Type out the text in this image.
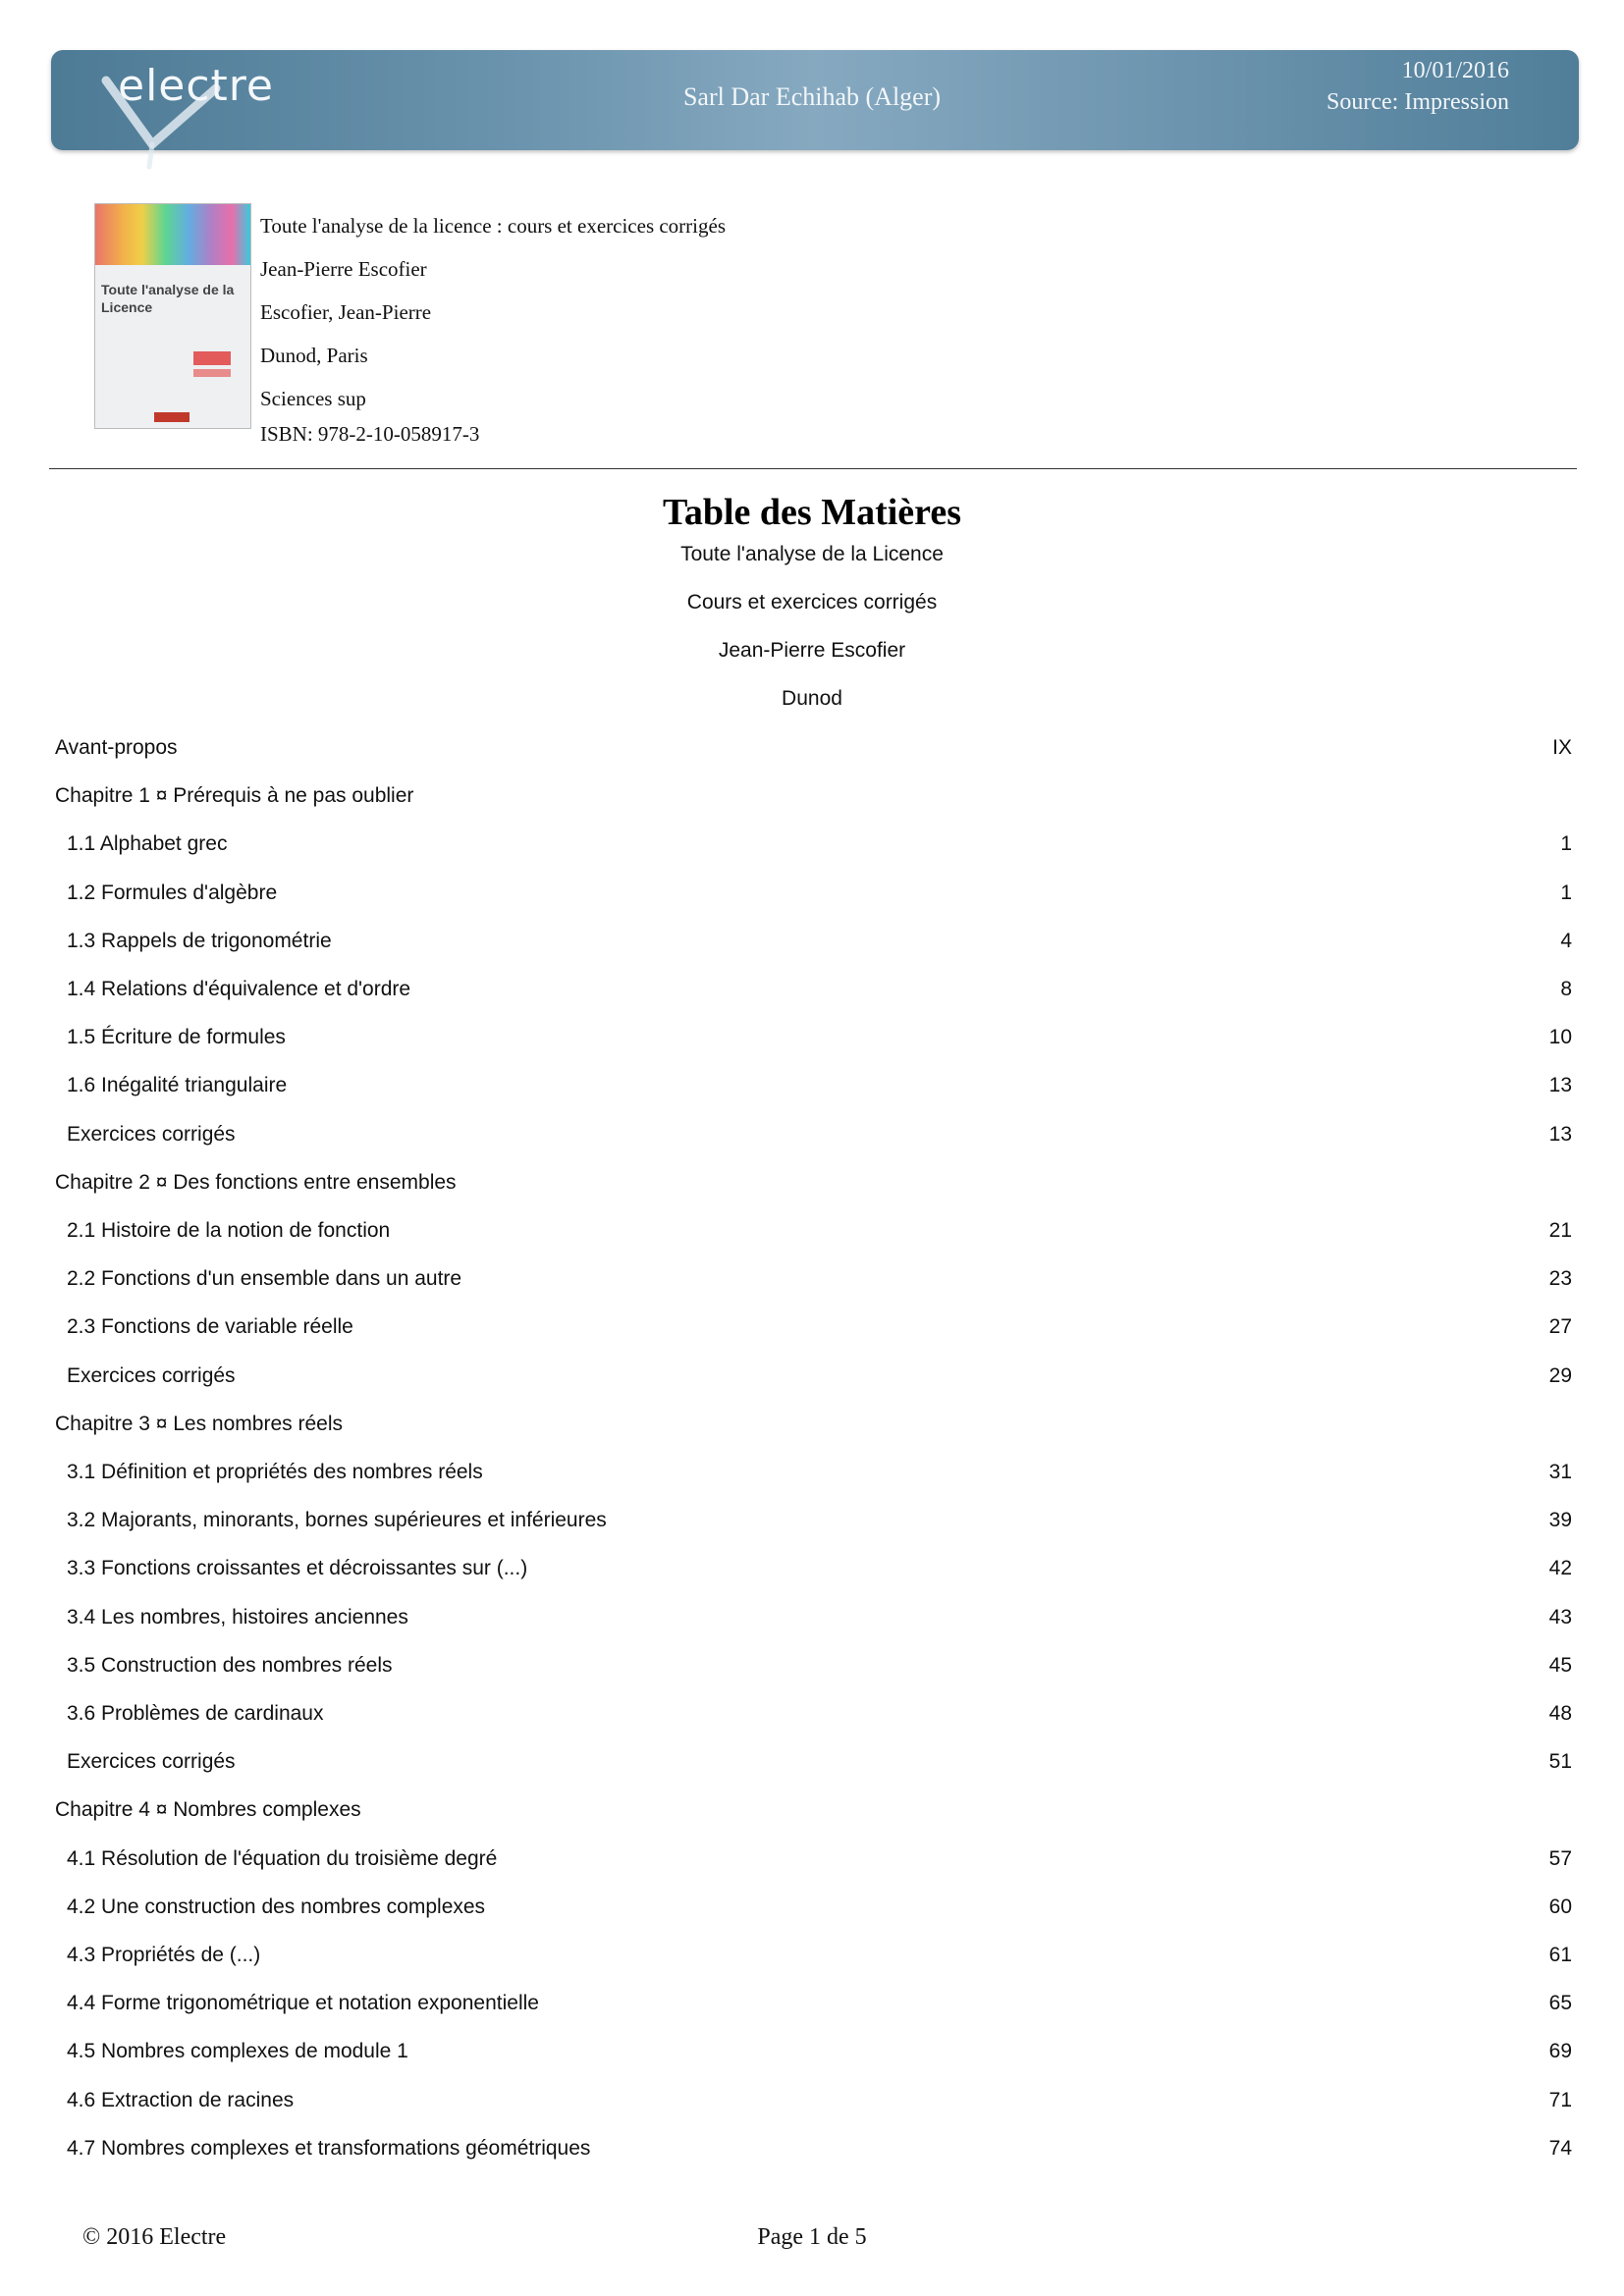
electre	Sarl Dar Echihab (Alger)
10/01/2016
Source: Impression
Toute l'analyse de la Licence
Toute l'analyse de la licence : cours et exercices corrigés
Jean-Pierre Escofier
Escofier, Jean-Pierre
Dunod, Paris
Sciences sup
ISBN: 978-2-10-058917-3
Table des Matières
Toute l'analyse de la Licence
Cours et exercices corrigés
Jean-Pierre Escofier
Dunod
Avant-propos	IX
Chapitre 1 ¤ Prérequis à ne pas oublier
1.1 Alphabet grec	1
1.2 Formules d'algèbre	1
1.3 Rappels de trigonométrie	4
1.4 Relations d'équivalence et d'ordre	8
1.5 Écriture de formules	10
1.6 Inégalité triangulaire	13
Exercices corrigés	13
Chapitre 2 ¤ Des fonctions entre ensembles
2.1 Histoire de la notion de fonction	21
2.2 Fonctions d'un ensemble dans un autre	23
2.3 Fonctions de variable réelle	27
Exercices corrigés	29
Chapitre 3 ¤ Les nombres réels
3.1 Définition et propriétés des nombres réels	31
3.2 Majorants, minorants, bornes supérieures et inférieures	39
3.3 Fonctions croissantes et décroissantes sur (...)	42
3.4 Les nombres, histoires anciennes	43
3.5 Construction des nombres réels	45
3.6 Problèmes de cardinaux	48
Exercices corrigés	51
Chapitre 4 ¤ Nombres complexes
4.1 Résolution de l'équation du troisième degré	57
4.2 Une construction des nombres complexes	60
4.3 Propriétés de (...)	61
4.4 Forme trigonométrique et notation exponentielle	65
4.5 Nombres complexes de module 1	69
4.6 Extraction de racines	71
4.7 Nombres complexes et transformations géométriques	74
© 2016 Electre	Page 1 de 5
